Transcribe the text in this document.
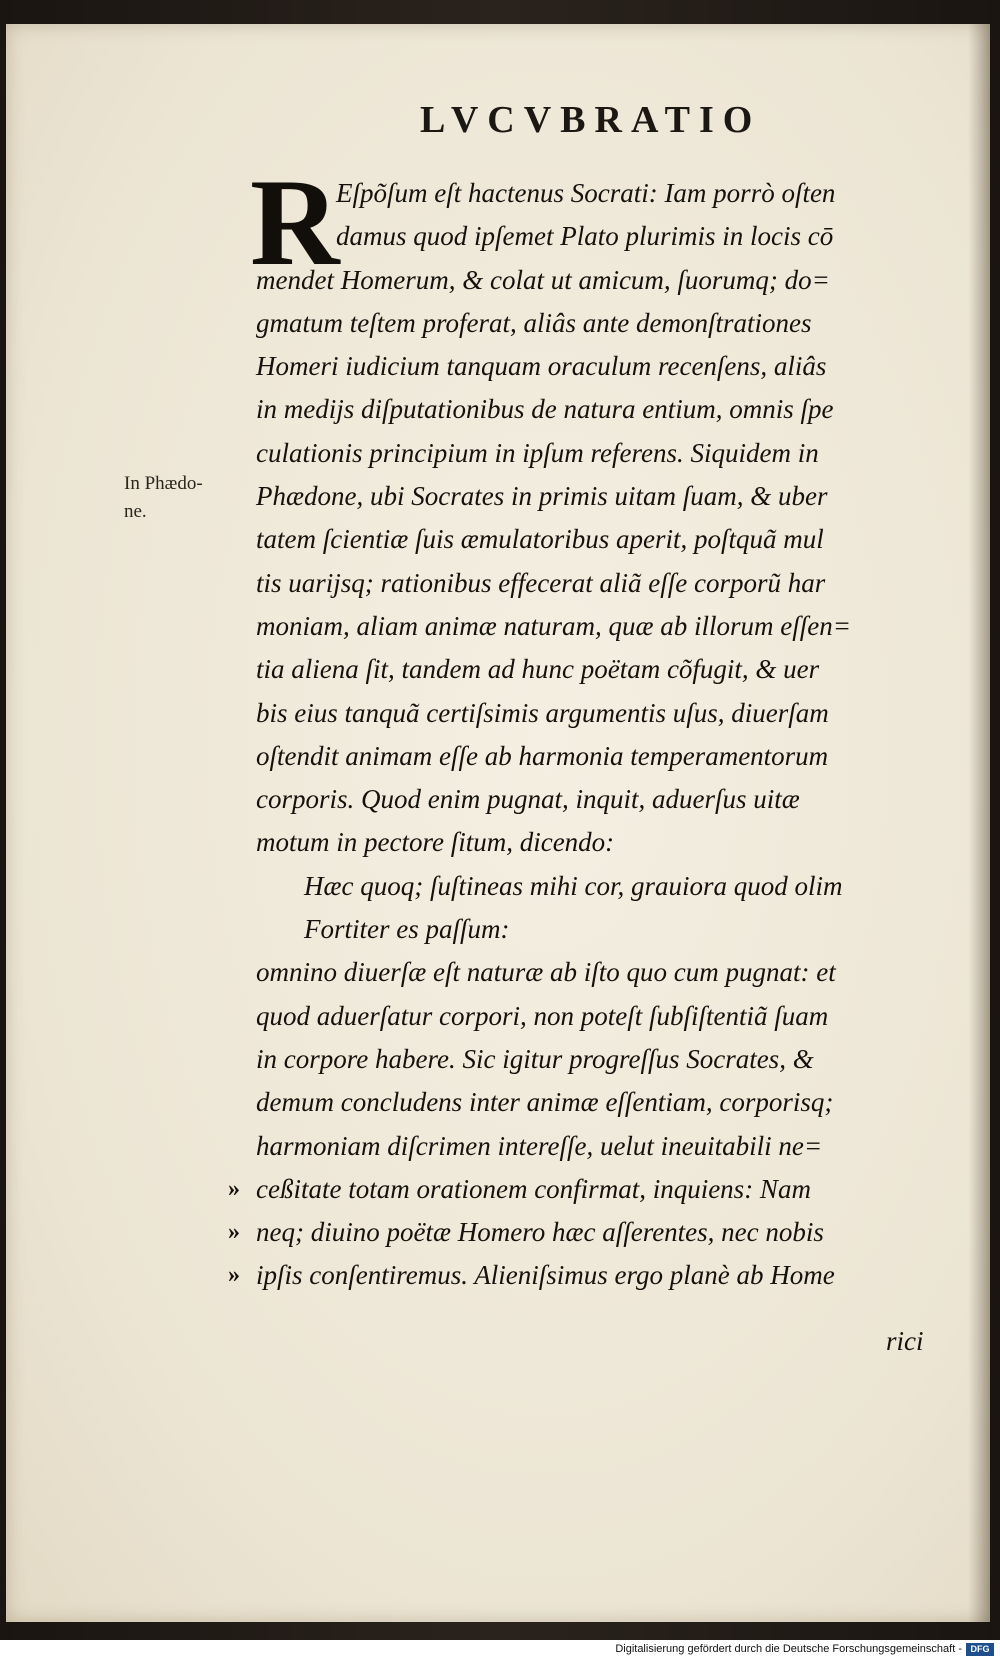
LVCVBRATIO
In Phædo-
ne.
R
Eſpõſum eſt hactenus Socrati: Iam porrò oſten
damus quod ipſemet Plato plurimis in locis cō
mendet Homerum, & colat ut amicum, ſuorumq; do=
gmatum teſtem proferat, aliâs ante demonſtrationes
Homeri iudicium tanquam oraculum recenſens, aliâs
in medijs diſputationibus de natura entium, omnis ſpe
culationis principium in ipſum referens. Siquidem in
Phædone, ubi Socrates in primis uitam ſuam, & uber
tatem ſcientiæ ſuis æmulatoribus aperit, poſtquã mul
tis uarijsq; rationibus effecerat aliã eſſe corporũ har
moniam, aliam animæ naturam, quæ ab illorum eſſen=
tia aliena ſit, tandem ad hunc poëtam cõfugit, & uer
bis eius tanquã certiſsimis argumentis uſus, diuerſam
oſtendit animam eſſe ab harmonia temperamentorum
corporis. Quod enim pugnat, inquit, aduerſus uitæ
motum in pectore ſitum, dicendo:
Hæc quoq; ſuſtineas mihi cor, grauiora quod olim
Fortiter es paſſum:
omnino diuerſæ eſt naturæ ab iſto quo cum pugnat: et
quod aduerſatur corpori, non poteſt ſubſiſtentiã ſuam
in corpore habere. Sic igitur progreſſus Socrates, &
demum concludens inter animæ eſſentiam, corporisq;
harmoniam diſcrimen intereſſe, uelut ineuitabili ne=
» ceßitate totam orationem confirmat, inquiens: Nam
» neq; diuino poëtæ Homero hæc aſſerentes, nec nobis
» ipſis conſentiremus. Alieniſsimus ergo planè ab Home
rici
Digitalisierung gefördert durch die Deutsche Forschungsgemeinschaft - DFG
